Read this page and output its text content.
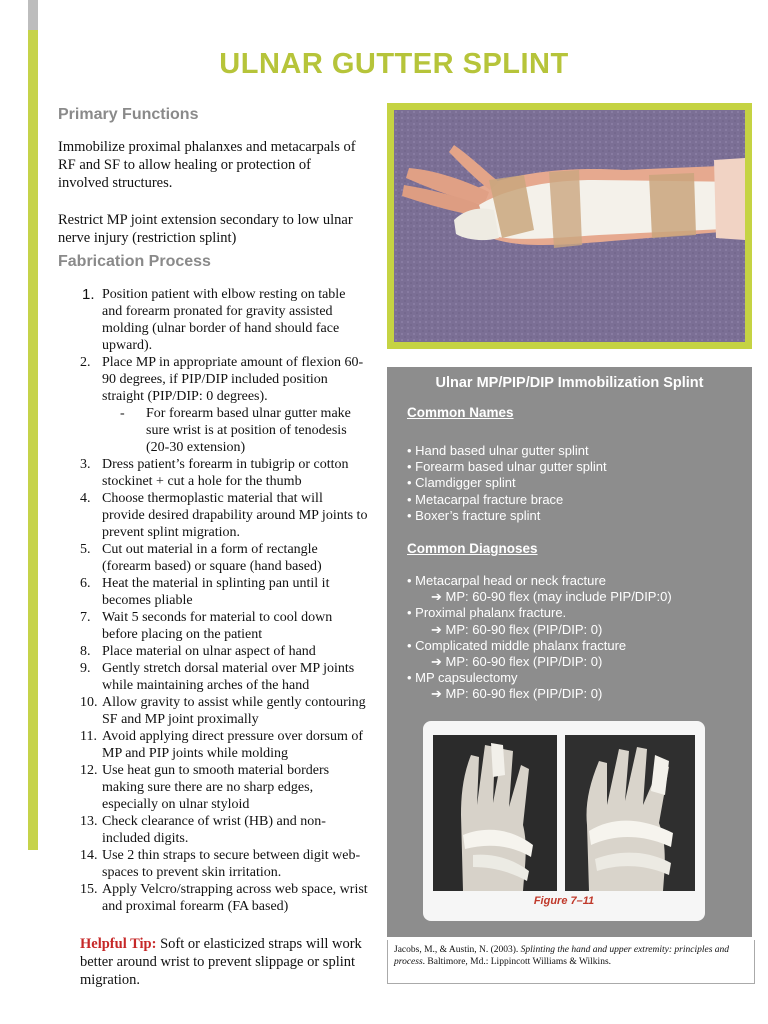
ULNAR GUTTER SPLINT
Primary Functions
Immobilize proximal phalanxes and metacarpals of RF and SF to allow healing or protection of involved structures.
Restrict MP joint extension secondary to low ulnar nerve injury (restriction splint)
Fabrication Process
1. Position patient with elbow resting on table and forearm pronated for gravity assisted molding (ulnar border of hand should face upward).
2. Place MP in appropriate amount of flexion 60-90 degrees, if PIP/DIP included position straight (PIP/DIP: 0 degrees).
- For forearm based ulnar gutter make sure wrist is at position of tenodesis (20-30 extension)
3. Dress patient’s forearm in tubigrip or cotton stockinet + cut a hole for the thumb
4. Choose thermoplastic material that will provide desired drapability around MP joints to prevent splint migration.
5. Cut out material in a form of rectangle (forearm based) or square (hand based)
6. Heat the material in splinting pan until it becomes pliable
7. Wait 5 seconds for material to cool down before placing on the patient
8. Place material on ulnar aspect of hand
9. Gently stretch dorsal material over MP joints while maintaining arches of the hand
10. Allow gravity to assist while gently contouring SF and MP joint proximally
11. Avoid applying direct pressure over dorsum of MP and PIP joints while molding
12. Use heat gun to smooth material borders making sure there are no sharp edges, especially on ulnar styloid
13. Check clearance of wrist (HB) and non-included digits.
14. Use 2 thin straps to secure between digit web-spaces to prevent skin irritation.
15. Apply Velcro/strapping across web space, wrist and proximal forearm (FA based)
Helpful Tip: Soft or elasticized straps will work better around wrist to prevent slippage or splint migration.
Ulnar MP/PIP/DIP Immobilization Splint
Common Names
• Hand based ulnar gutter splint
• Forearm based ulnar gutter splint
• Clamdigger splint
• Metacarpal fracture brace
• Boxer’s fracture splint
Common Diagnoses
• Metacarpal head or neck fracture
➔ MP: 60-90 flex (may include PIP/DIP:0)
• Proximal phalanx fracture.
➔ MP: 60-90 flex (PIP/DIP: 0)
• Complicated middle phalanx fracture
➔ MP: 60-90 flex (PIP/DIP: 0)
• MP capsulectomy
➔ MP: 60-90 flex (PIP/DIP: 0)
Figure 7–11
Jacobs, M., & Austin, N. (2003). Splinting the hand and upper extremity: principles and process. Baltimore, Md.: Lippincott Williams & Wilkins.
